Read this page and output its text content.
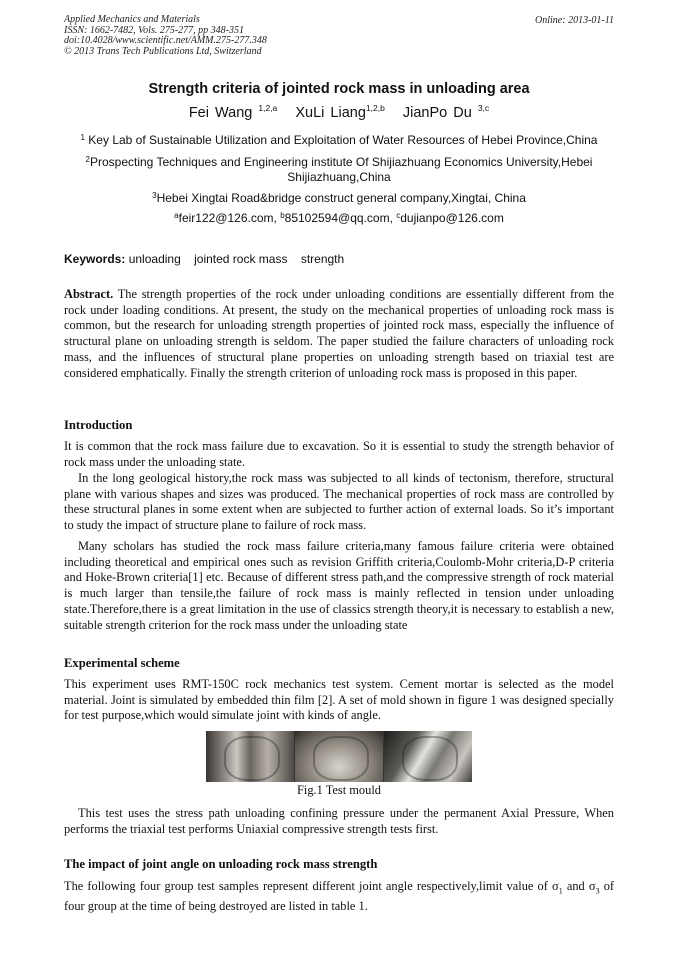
Applied Mechanics and Materials
ISSN: 1662-7482, Vols. 275-277, pp 348-351
doi:10.4028/www.scientific.net/AMM.275-277.348
© 2013 Trans Tech Publications Ltd, Switzerland
Online: 2013-01-11
Strength criteria of jointed rock mass in unloading area
Fei Wang $^{1,2,a}$ XuLi Liang$^{1,2,b}$ JianPo Du $^{3,c}$
$^1$ Key Lab of Sustainable Utilization and Exploitation of Water Resources of Hebei Province,China
$^2$Prospecting Techniques and Engineering institute Of Shijiazhuang Economics University,Hebei Shijiazhuang,China
$^3$Hebei Xingtai Road&bridge construct general company,Xingtai, China
$^a$feir122@126.com, $^b$85102594@qq.com, $^c$dujianpo@126.com
Keywords: unloading jointed rock mass strength
Abstract. The strength properties of the rock under unloading conditions are essentially different from the rock under loading conditions. At present, the study on the mechanical properties of unloading rock mass is common, but the research for unloading strength properties of jointed rock mass, especially the influence of structural plane on unloading strength is seldom. The paper studied the failure characters of unloading rock mass, and the influences of structural plane properties on unloading strength based on triaxial test are considered emphatically. Finally the strength criterion of unloading rock mass is proposed in this paper.
Introduction
It is common that the rock mass failure due to excavation. So it is essential to study the strength behavior of rock mass under the unloading state.
In the long geological history,the rock mass was subjected to all kinds of tectonism, therefore, structural plane with various shapes and sizes was produced. The mechanical properties of rock mass are controlled by these structural planes in some extent when are subjected to further action of external loads. So it’s important to study the impact of structure plane to failure of rock mass.
Many scholars has studied the rock mass failure criteria,many famous failure criteria were obtained including theoretical and empirical ones such as revision Griffith criteria,Coulomb-Mohr criteria,D-P criteria and Hoke-Brown criteria[1] etc. Because of different stress path,and the compressive strength of rock material is much larger than tensile,the failure of rock mass is mainly reflected in tension under unloading state.Therefore,there is a great limitation in the use of classics strength theory,it is necessary to establish a new, suitable strength criterion for the rock mass under the unloading state
Experimental scheme
This experiment uses RMT-150C rock mechanics test system. Cement mortar is selected as the model material. Joint is simulated by embedded thin film [2]. A set of mold shown in figure 1 was designed specially for test purpose,which would simulate joint with kinds of angle.
Fig.1 Test mould
This test uses the stress path unloading confining pressure under the permanent Axial Pressure, When performs the triaxial test performs Uniaxial compressive strength tests first.
The impact of joint angle on unloading rock mass strength
The following four group test samples represent different joint angle respectively,limit value of $\sigma_1$ and $\sigma_3$ of four group at the time of being destroyed are listed in table 1.
